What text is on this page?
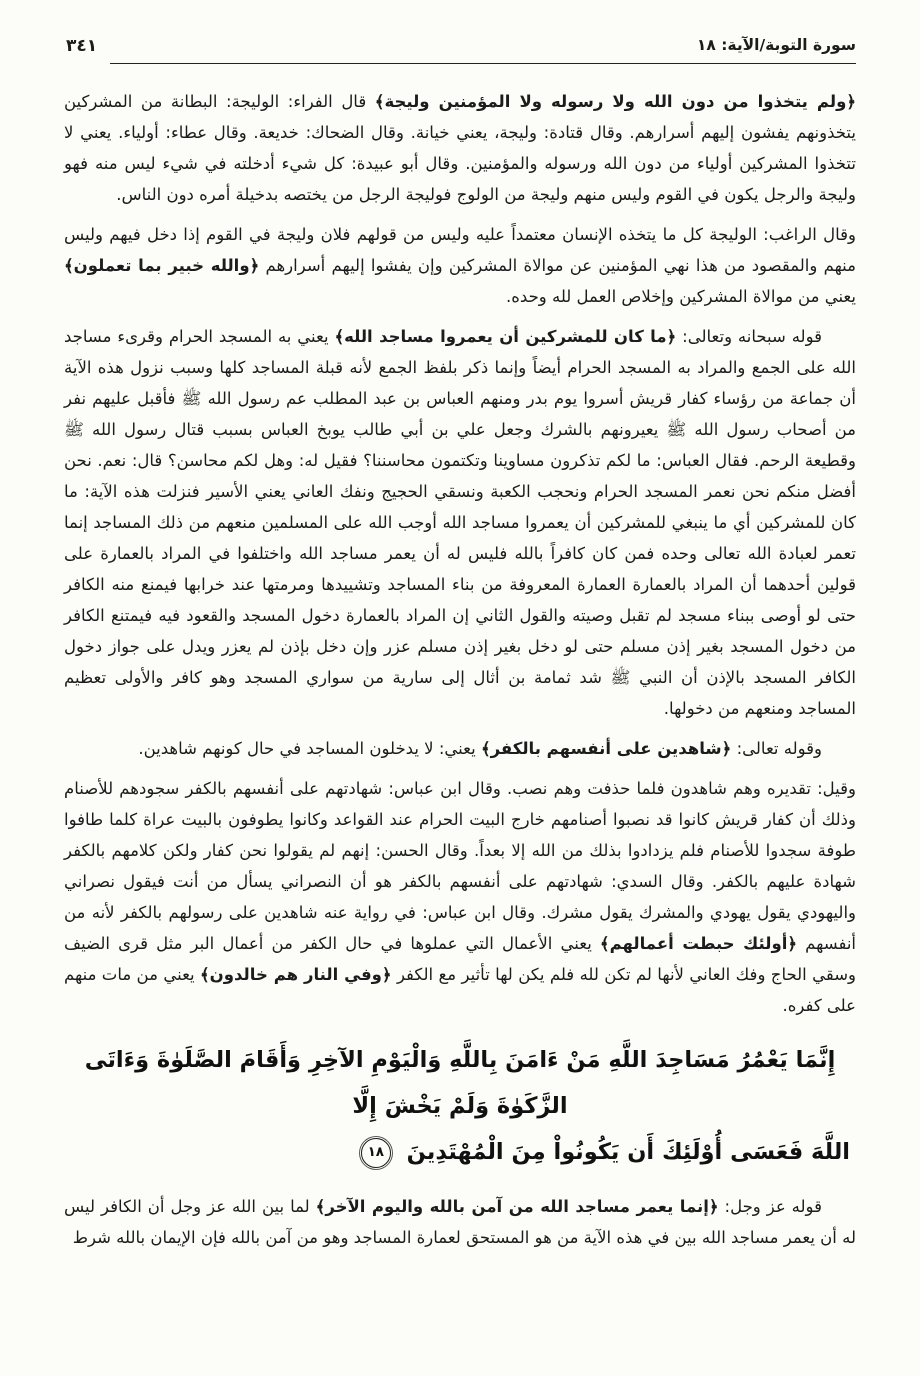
٣٤١	سورة التوبة/الآية: ١٨

﴿ولم يتخذوا من دون الله ولا رسوله ولا المؤمنين وليجة﴾ قال الفراء: الوليجة: البطانة من المشركين يتخذونهم يفشون إليهم أسرارهم. وقال قتادة: وليجة، يعني خيانة. وقال الضحاك: خديعة. وقال عطاء: أولياء. يعني لا تتخذوا المشركين أولياء من دون الله ورسوله والمؤمنين. وقال أبو عبيدة: كل شيء أدخلته في شيء ليس منه فهو وليجة والرجل يكون في القوم وليس منهم وليجة من الولوج فوليجة الرجل من يختصه بدخيلة أمره دون الناس.

وقال الراغب: الوليجة كل ما يتخذه الإنسان معتمداً عليه وليس من قولهم فلان وليجة في القوم إذا دخل فيهم وليس منهم والمقصود من هذا نهي المؤمنين عن موالاة المشركين وإن يفشوا إليهم أسرارهم ﴿والله خبير بما تعملون﴾ يعني من موالاة المشركين وإخلاص العمل لله وحده.

قوله سبحانه وتعالى: ﴿ما كان للمشركين أن يعمروا مساجد الله﴾ يعني به المسجد الحرام وقرىء مساجد الله على الجمع والمراد به المسجد الحرام أيضاً وإنما ذكر بلفظ الجمع لأنه قبلة المساجد كلها وسبب نزول هذه الآية أن جماعة من رؤساء كفار قريش أسروا يوم بدر ومنهم العباس بن عبد المطلب عم رسول الله ﷺ فأقبل عليهم نفر من أصحاب رسول الله ﷺ يعيرونهم بالشرك وجعل علي بن أبي طالب يوبخ العباس بسبب قتال رسول الله ﷺ وقطيعة الرحم. فقال العباس: ما لكم تذكرون مساوينا وتكتمون محاسننا؟ فقيل له: وهل لكم محاسن؟ قال: نعم. نحن أفضل منكم نحن نعمر المسجد الحرام ونحجب الكعبة ونسقي الحجيج ونفك العاني يعني الأسير فنزلت هذه الآية: ما كان للمشركين أي ما ينبغي للمشركين أن يعمروا مساجد الله أوجب الله على المسلمين منعهم من ذلك المساجد إنما تعمر لعبادة الله تعالى وحده فمن كان كافراً بالله فليس له أن يعمر مساجد الله واختلفوا في المراد بالعمارة على قولين أحدهما أن المراد بالعمارة العمارة المعروفة من بناء المساجد وتشييدها ومرمتها عند خرابها فيمنع منه الكافر حتى لو أوصى ببناء مسجد لم تقبل وصيته والقول الثاني إن المراد بالعمارة دخول المسجد والقعود فيه فيمتنع الكافر من دخول المسجد بغير إذن مسلم حتى لو دخل بغير إذن مسلم عزر وإن دخل بإذن لم يعزر ويدل على جواز دخول الكافر المسجد بالإذن أن النبي ﷺ شد ثمامة بن أثال إلى سارية من سواري المسجد وهو كافر والأولى تعظيم المساجد ومنعهم من دخولها.

وقوله تعالى: ﴿شاهدين على أنفسهم بالكفر﴾ يعني: لا يدخلون المساجد في حال كونهم شاهدين.

وقيل: تقديره وهم شاهدون فلما حذفت وهم نصب. وقال ابن عباس: شهادتهم على أنفسهم بالكفر سجودهم للأصنام وذلك أن كفار قريش كانوا قد نصبوا أصنامهم خارج البيت الحرام عند القواعد وكانوا يطوفون بالبيت عراة كلما طافوا طوفة سجدوا للأصنام فلم يزدادوا بذلك من الله إلا بعداً. وقال الحسن: إنهم لم يقولوا نحن كفار ولكن كلامهم بالكفر شهادة عليهم بالكفر. وقال السدي: شهادتهم على أنفسهم بالكفر هو أن النصراني يسأل من أنت فيقول نصراني واليهودي يقول يهودي والمشرك يقول مشرك. وقال ابن عباس: في رواية عنه شاهدين على رسولهم بالكفر لأنه من أنفسهم ﴿أولئك حبطت أعمالهم﴾ يعني الأعمال التي عملوها في حال الكفر من أعمال البر مثل قرى الضيف وسقي الحاج وفك العاني لأنها لم تكن لله فلم يكن لها تأثير مع الكفر ﴿وفي النار هم خالدون﴾ يعني من مات منهم على كفره.

إِنَّمَا يَعْمُرُ مَسَاجِدَ اللَّهِ مَنْ ءَامَنَ بِاللَّهِ وَالْيَوْمِ الآخِرِ وَأَقَامَ الصَّلَوٰةَ وَءَاتَى الزَّكَوٰةَ وَلَمْ يَخْشَ إِلَّا
اللَّهَ فَعَسَى أُوْلَئِكَ أَن يَكُونُواْ مِنَ الْمُهْتَدِينَ
١٨

قوله عز وجل: ﴿إنما يعمر مساجد الله من آمن بالله واليوم الآخر﴾ لما بين الله عز وجل أن الكافر ليس له أن يعمر مساجد الله بين في هذه الآية من هو المستحق لعمارة المساجد وهو من آمن بالله فإن الإيمان بالله شرط
